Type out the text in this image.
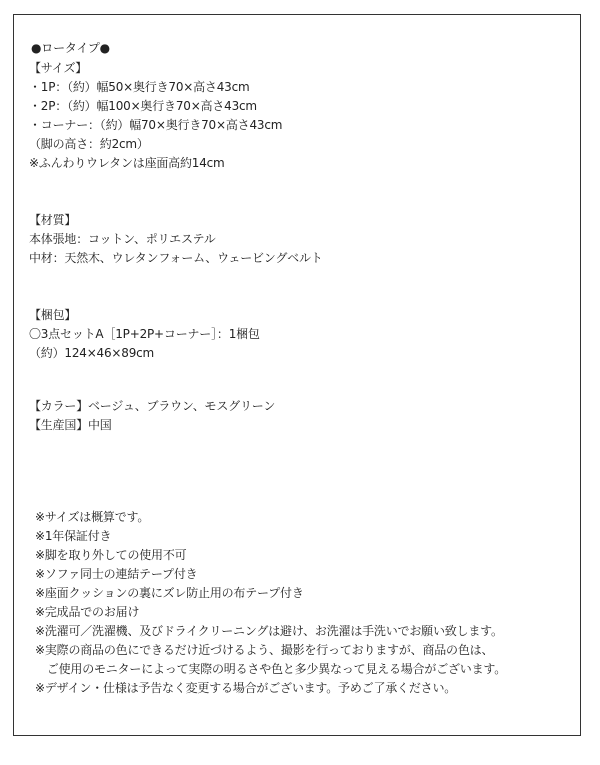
●ロータイプ●
【サイズ】
・1P：（約）幅50×奥行き70×高さ43cm
・2P：（約）幅100×奥行き70×高さ43cm
・コーナー：（約）幅70×奥行き70×高さ43cm
（脚の高さ：約2cm）
※ふんわりウレタンは座面高約14cm
【材質】
本体張地：コットン、ポリエステル
中材：天然木、ウレタンフォーム、ウェービングベルト
【梱包】
〇3点セットA［1P+2P+コーナー］：1梱包
（約）124×46×89cm
【カラー】ベージュ、ブラウン、モスグリーン
【生産国】中国
※サイズは概算です。
※1年保証付き
※脚を取り外しての使用不可
※ソファ同士の連結テープ付き
※座面クッションの裏にズレ防止用の布テープ付き
※完成品でのお届け
※洗濯可／洗濯機、及びドライクリーニングは避け、お洗濯は手洗いでお願い致します。
※実際の商品の色にできるだけ近づけるよう、撮影を行っておりますが、商品の色は、
　ご使用のモニターによって実際の明るさや色と多少異なって見える場合がございます。
※デザイン・仕様は予告なく変更する場合がございます。予めご了承ください。
